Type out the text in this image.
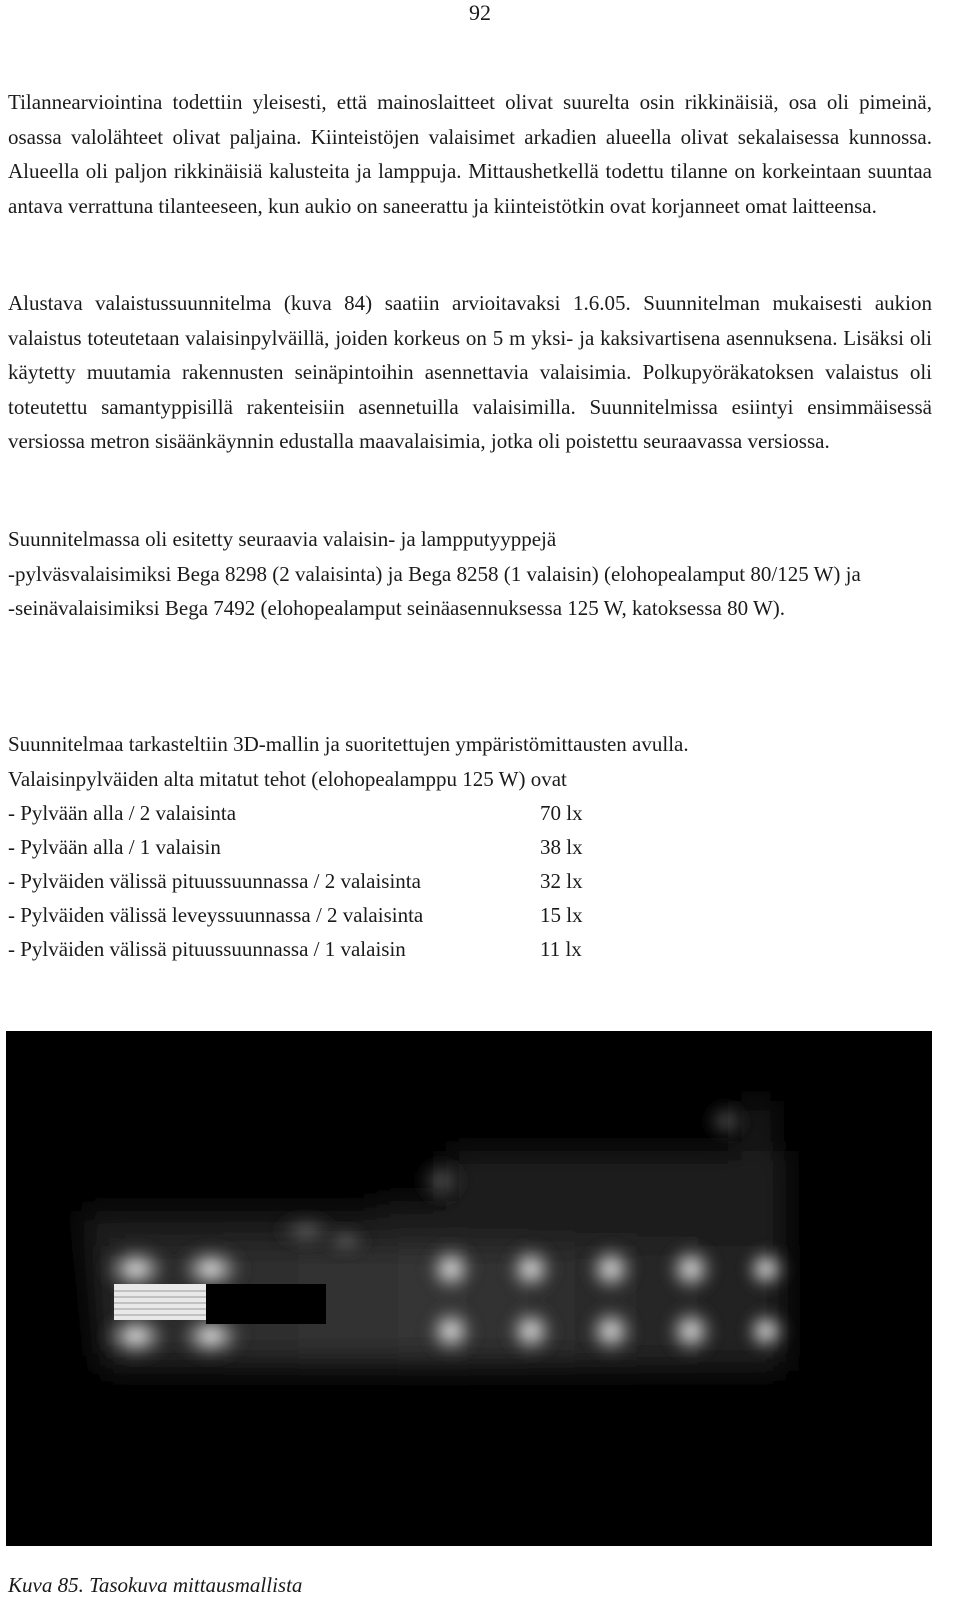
92

Tilannearviointina todettiin yleisesti, että mainoslaitteet olivat suurelta osin rikkinäisiä, osa oli pimeinä, osassa valolähteet olivat paljaina. Kiinteistöjen valaisimet arkadien alueella olivat sekalaisessa kunnossa. Alueella oli paljon rikkinäisiä kalusteita ja lamppuja. Mittaushetkellä todettu tilanne on korkeintaan suuntaa antava verrattuna tilanteeseen, kun aukio on saneerattu ja kiinteistötkin ovat korjanneet omat laitteensa.

Alustava valaistussuunnitelma (kuva 84) saatiin arvioitavaksi 1.6.05. Suunnitelman mukaisesti aukion valaistus toteutetaan valaisinpylväillä, joiden korkeus on 5 m yksi- ja kaksivartisena asennuksena. Lisäksi oli käytetty muutamia rakennusten seinäpintoihin asennettavia valaisimia. Polkupyöräkatoksen valaistus oli toteutettu samantyppisillä rakenteisiin asennetuilla valaisimilla. Suunnitelmissa esiintyi ensimmäisessä versiossa metron sisäänkäynnin edustalla maavalaisimia, jotka oli poistettu seuraavassa versiossa.

Suunnitelmassa oli esitetty seuraavia valaisin- ja lampputyyppejä
-pylväsvalaisimiksi Bega 8298 (2 valaisinta) ja Bega 8258 (1 valaisin) (elohopealamput 80/125 W) ja
-seinävalaisimiksi Bega 7492 (elohopealamput seinäasennuksessa 125 W, katoksessa 80 W).
Suunnitelmaa tarkasteltiin 3D-mallin ja suoritettujen ympäristömittausten avulla.
Valaisinpylväiden alta mitatut tehot (elohopealamppu 125 W) ovat
- Pylvään alla / 2 valaisinta	70 lx
- Pylvään alla / 1 valaisin	38 lx
- Pylväiden välissä pituussuunnassa / 2 valaisinta	32 lx
- Pylväiden välissä leveyssuunnassa / 2 valaisinta	15 lx
- Pylväiden välissä pituussuunnassa / 1 valaisin	11 lx
Kuva 85. Tasokuva mittausmallista
